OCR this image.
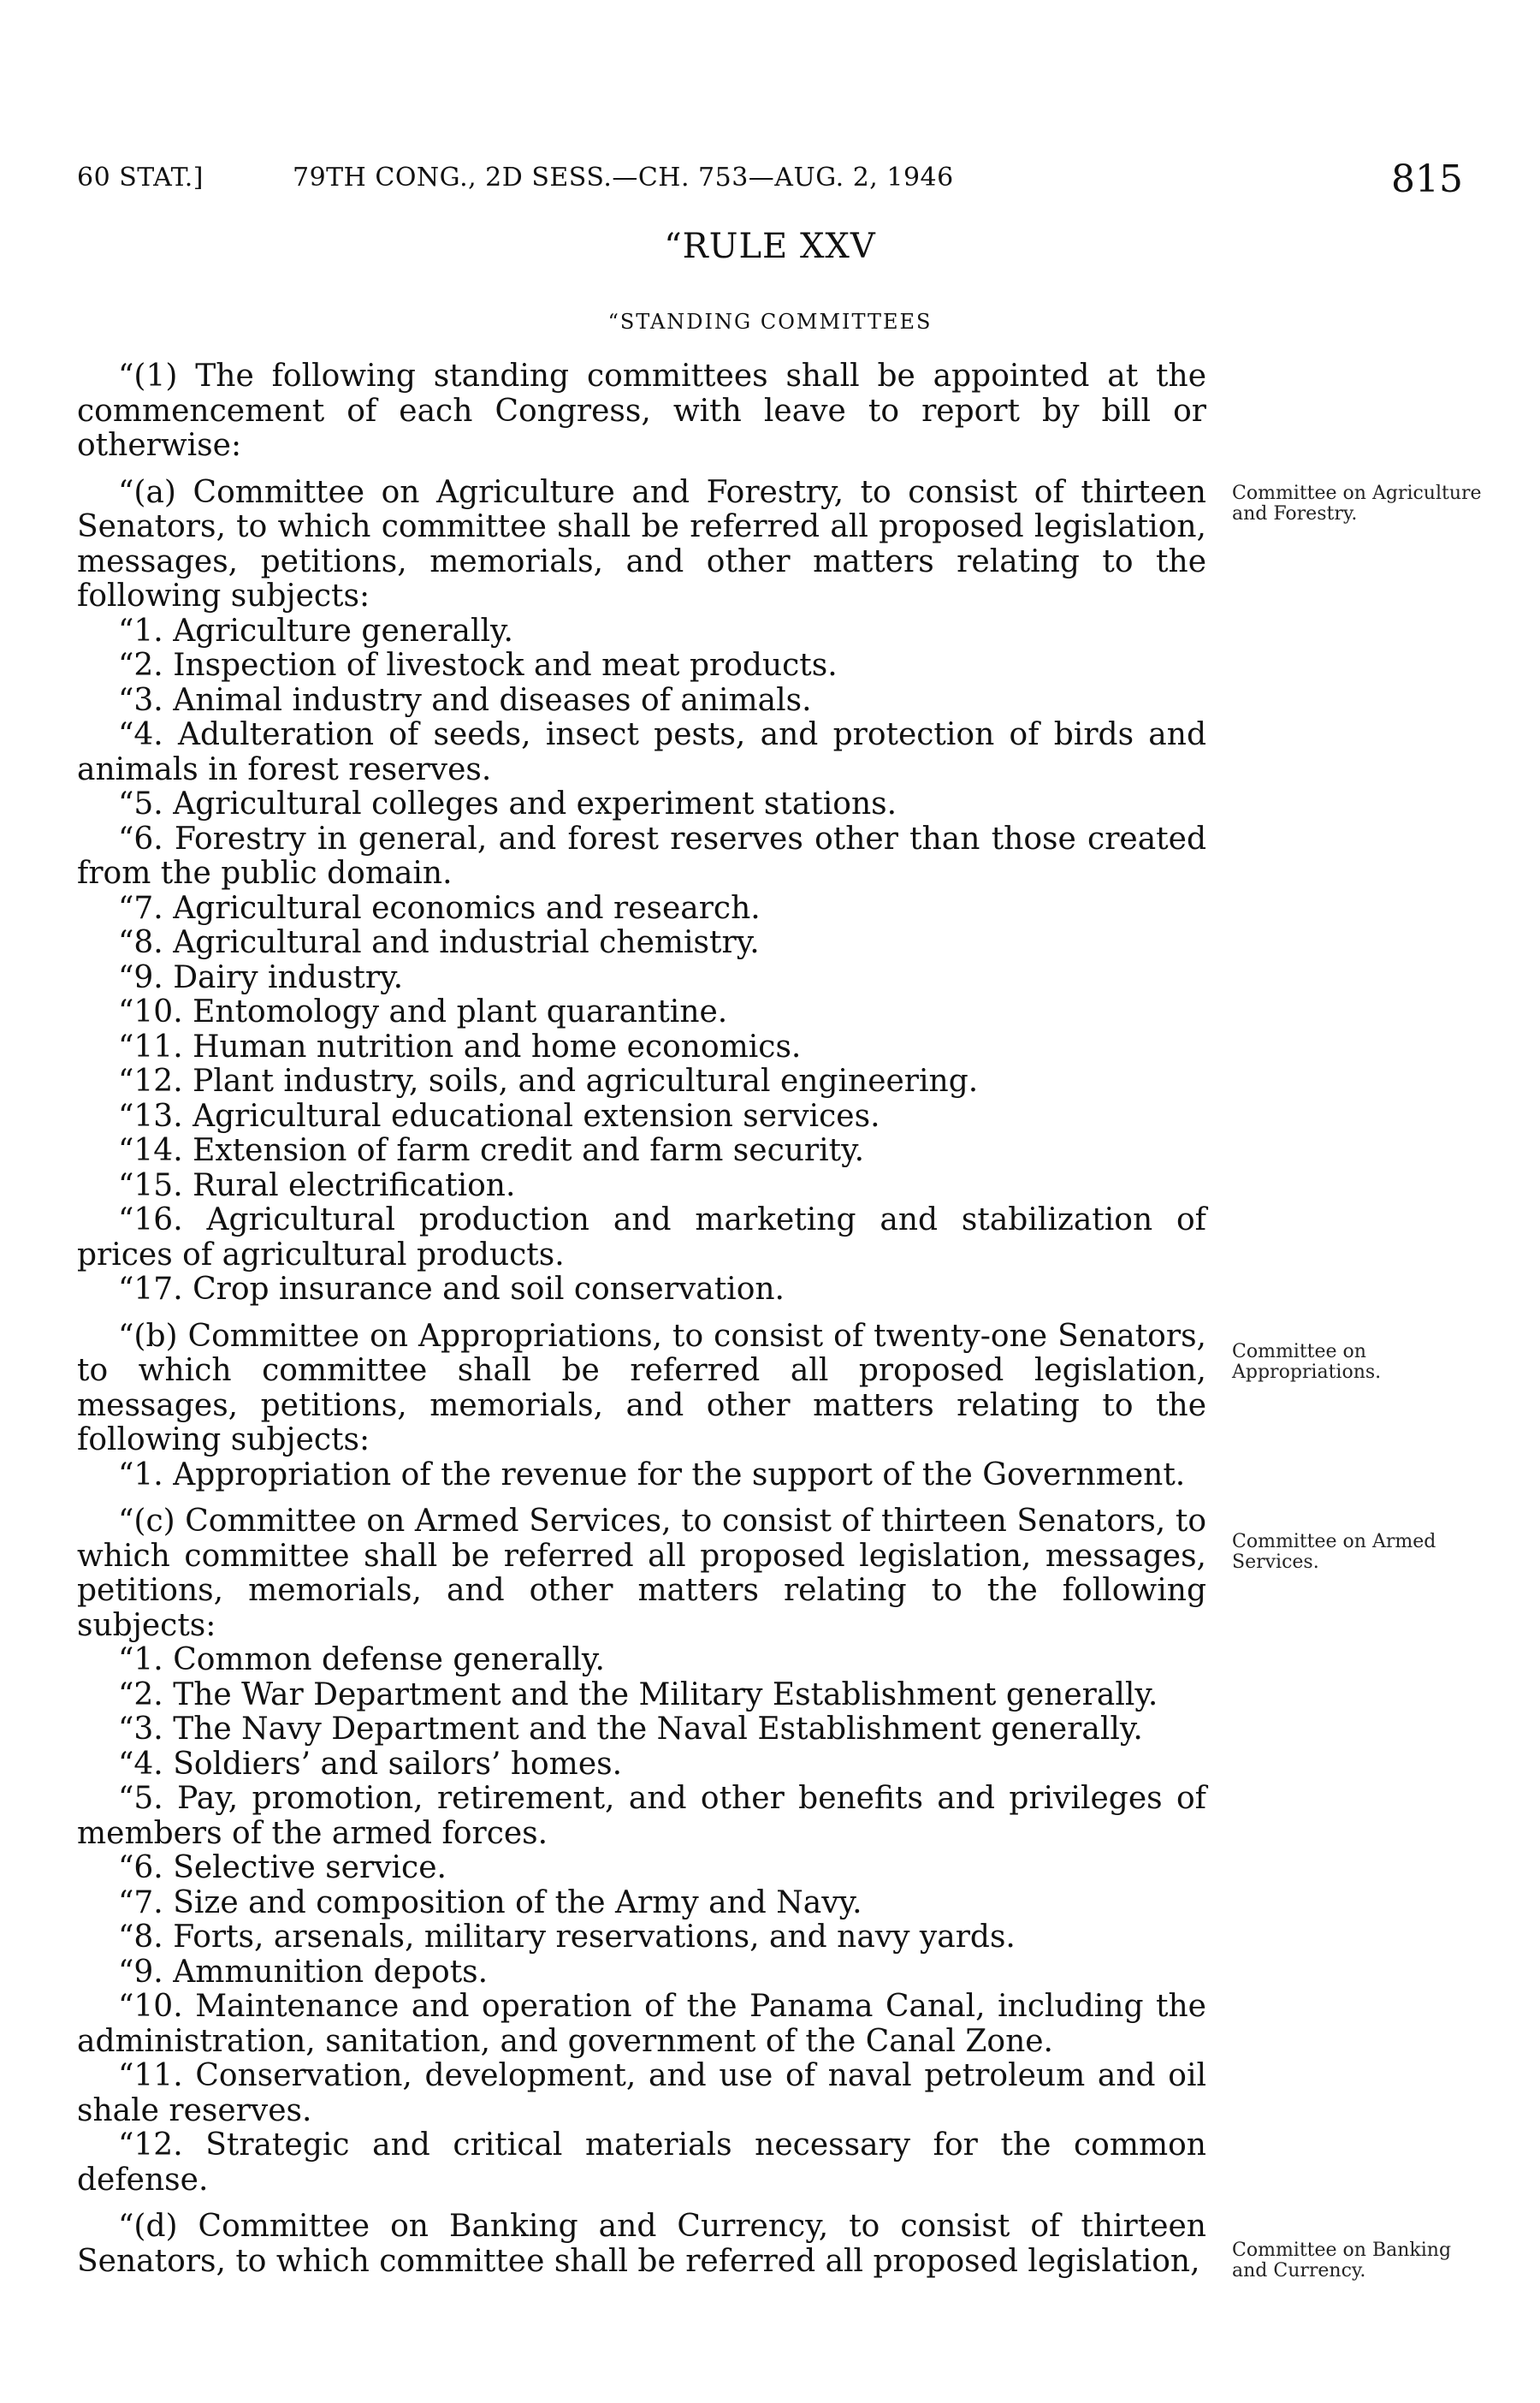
60 STAT.]	79TH CONG., 2D SESS.—CH. 753—AUG. 2, 1946	815
“RULE XXV
“STANDING COMMITTEES

“(1) The following standing committees shall be appointed at the commencement of each Congress, with leave to report by bill or otherwise:

“(a) Committee on Agriculture and Forestry, to consist of thirteen Senators, to which committee shall be referred all proposed legislation, messages, petitions, memorials, and other matters relating to the following subjects:

“1. Agriculture generally.

“2. Inspection of livestock and meat products.

“3. Animal industry and diseases of animals.

“4. Adulteration of seeds, insect pests, and protection of birds and animals in forest reserves.

“5. Agricultural colleges and experiment stations.

“6. Forestry in general, and forest reserves other than those created from the public domain.

“7. Agricultural economics and research.

“8. Agricultural and industrial chemistry.

“9. Dairy industry.

“10. Entomology and plant quarantine.

“11. Human nutrition and home economics.

“12. Plant industry, soils, and agricultural engineering.

“13. Agricultural educational extension services.

“14. Extension of farm credit and farm security.

“15. Rural electrification.

“16. Agricultural production and marketing and stabilization of prices of agricultural products.

“17. Crop insurance and soil conservation.

“(b) Committee on Appropriations, to consist of twenty-one Senators, to which committee shall be referred all proposed legislation, messages, petitions, memorials, and other matters relating to the following subjects:

“1. Appropriation of the revenue for the support of the Government.

“(c) Committee on Armed Services, to consist of thirteen Senators, to which committee shall be referred all proposed legislation, messages, petitions, memorials, and other matters relating to the following subjects:

“1. Common defense generally.

“2. The War Department and the Military Establishment generally.

“3. The Navy Department and the Naval Establishment generally.

“4. Soldiers’ and sailors’ homes.

“5. Pay, promotion, retirement, and other benefits and privileges of members of the armed forces.

“6. Selective service.

“7. Size and composition of the Army and Navy.

“8. Forts, arsenals, military reservations, and navy yards.

“9. Ammunition depots.

“10. Maintenance and operation of the Panama Canal, including the administration, sanitation, and government of the Canal Zone.

“11. Conservation, development, and use of naval petroleum and oil shale reserves.

“12. Strategic and critical materials necessary for the common defense.

“(d) Committee on Banking and Currency, to consist of thirteen Senators, to which committee shall be referred all proposed legislation,

Committee on Agriculture and Forestry.
Committee on Appropriations.
Committee on Armed Services.
Committee on Banking and Currency.
